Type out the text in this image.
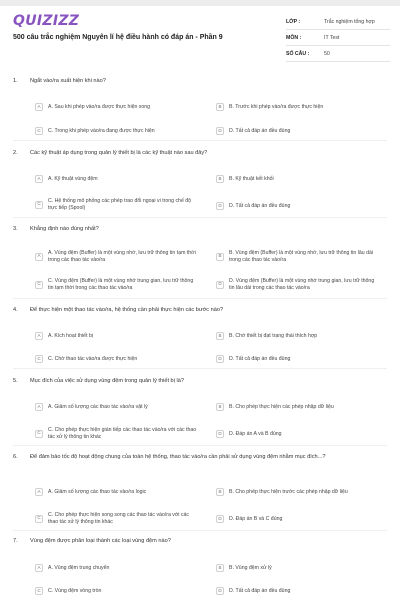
QUIZIZZ
500 câu trắc nghiệm Nguyên lí hệ điều hành có đáp án - Phần 9
LỚP :	Trắc nghiệm tổng hợp
MÔN :	IT Test
SỐ CÂU :	50
1.	Ngắt vào/ra xuất hiện khi nào?
A	A. Sau khi phép vào/ra được thực hiện xong	B	B. Trước khi phép vào/ra được thực hiện
C	C. Trong khi phép vào/ra đang được thực hiện	D	D. Tất cả đáp án đều đúng
2.	Các kỹ thuật áp dụng trong quản lý thiết bị là các kỹ thuật nào sau đây?
A	A. Kỹ thuật vùng đệm	B	B. Kỹ thuật kết khối
C	C. Hệ thống mô phỏng các phép trao đổi ngoại vi trong chế độ trực tiếp (Spool)	D	D. Tất cả đáp án đều đúng
3.	Khẳng định nào đúng nhất?
A	A. Vùng đệm (Buffer) là một vùng nhớ, lưu trữ thông tin tạm thời trong các thao tác vào/ra
B	B. Vùng đệm (Buffer) là một vùng nhớ, lưu trữ thông tin lâu dài trong các thao tác vào/ra
C	C. Vùng đệm (Buffer) là một vùng nhớ trung gian, lưu trữ thông tin tạm thời trong các thao tác vào/ra
D	D. Vùng đệm (Buffer) là một vùng nhớ trung gian, lưu trữ thông tin lâu dài trong các thao tác vào/ra
4.	Để thực hiện một thao tác vào/ra, hệ thống cần phải thực hiện các bước nào?
A	A. Kích hoạt thiết bị	B	B. Chờ thiết bị đạt trạng thái thích hợp
C	C. Chờ thao tác vào/ra được thực hiện	D	D. Tất cả đáp án đều đúng
5.	Mục đích của việc sử dụng vùng đệm trong quản lý thiết bị là?
A	A. Giảm số lượng các thao tác vào/ra vật lý	B	B. Cho phép thực hiện các phép nhập dữ liệu
C	C. Cho phép thực hiện gián tiếp các thao tác vào/ra với các thao tác xử lý thông tin khác
D	D. Đáp án A và B đúng
6.	Để đảm bảo tốc độ hoạt động chung của toàn hệ thống, thao tác vào/ra cần phải sử dụng vùng đệm nhằm mục đích...?
A	A. Giảm số lượng các thao tác vào/ra logic	B	B. Cho phép thực hiện trước các phép nhập dữ liệu
C	C. Cho phép thực hiện song song các thao tác vào/ra với các thao tác xử lý thông tin khác
D	D. Đáp án B và C đúng
7.	Vùng đệm được phân loại thành các loại vùng đệm nào?
A	A. Vùng đệm trung chuyển	B	B. Vùng đệm xử lý
C	C. Vùng đệm vòng tròn	D	D. Tất cả đáp án đều đúng
